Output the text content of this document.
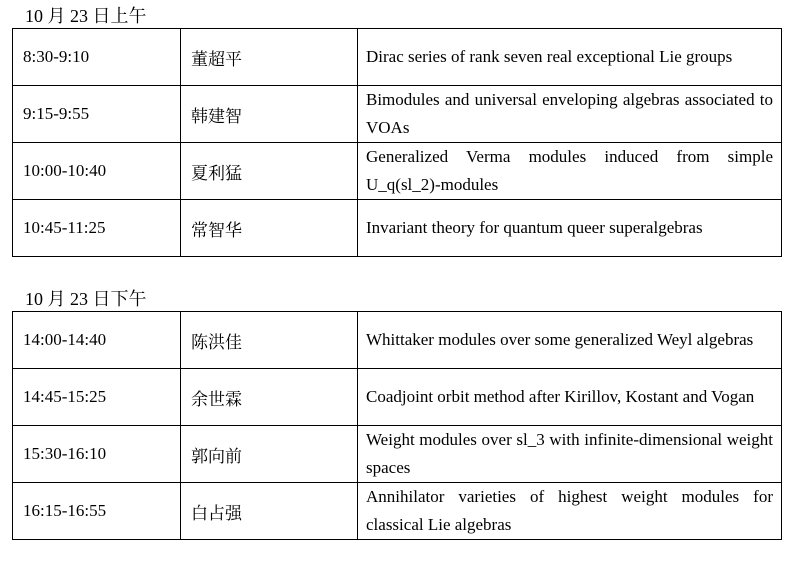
10 月 23 日上午

8:30-9:10	董超平	Dirac series of rank seven real exceptional Lie groups
9:15-9:55	韩建智	Bimodules and universal enveloping algebras associated to VOAs
10:00-10:40	夏利猛	Generalized Verma modules induced from simple U_q(sl_2)-modules
10:45-11:25	常智华	Invariant theory for quantum queer superalgebras

10 月 23 日下午

14:00-14:40	陈洪佳	Whittaker modules over some generalized Weyl algebras
14:45-15:25	余世霖	Coadjoint orbit method after Kirillov, Kostant and Vogan
15:30-16:10	郭向前	Weight modules over sl_3 with infinite-dimensional weight spaces
16:15-16:55	白占强	Annihilator varieties of highest weight modules for classical Lie algebras
